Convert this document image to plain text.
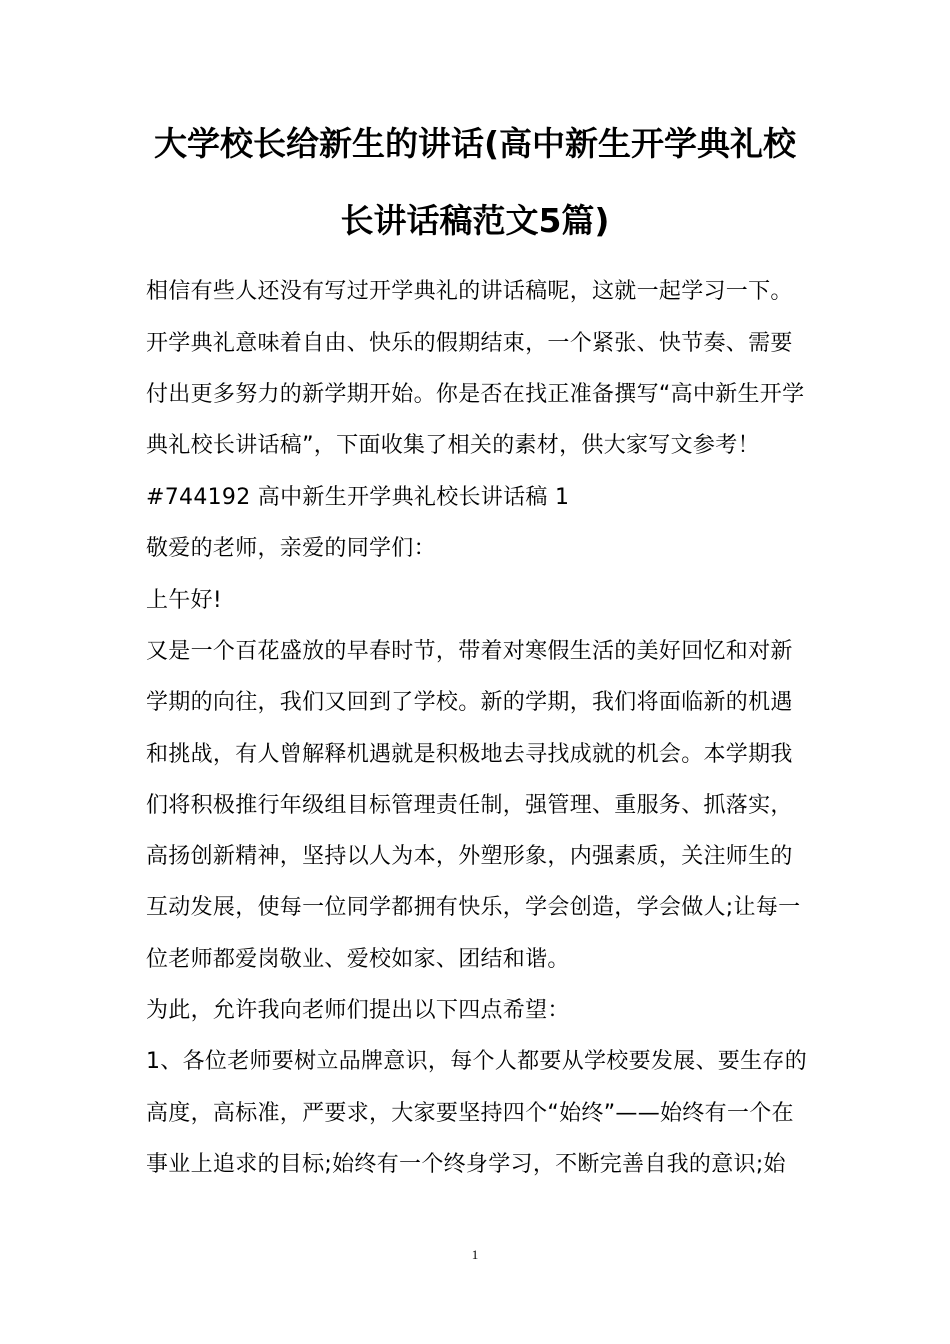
大学校长给新生的讲话(高中新生开学典礼校
长讲话稿范文5篇)
相信有些人还没有写过开学典礼的讲话稿呢，这就一起学习一下。
开学典礼意味着自由、快乐的假期结束，一个紧张、快节奏、需要
付出更多努力的新学期开始。你是否在找正准备撰写“高中新生开学
典礼校长讲话稿”，下面收集了相关的素材，供大家写文参考！
#744192 高中新生开学典礼校长讲话稿 1
敬爱的老师，亲爱的同学们：
上午好!
又是一个百花盛放的早春时节，带着对寒假生活的美好回忆和对新
学期的向往，我们又回到了学校。新的学期，我们将面临新的机遇
和挑战，有人曾解释机遇就是积极地去寻找成就的机会。本学期我
们将积极推行年级组目标管理责任制，强管理、重服务、抓落实，
高扬创新精神，坚持以人为本，外塑形象，内强素质，关注师生的
互动发展，使每一位同学都拥有快乐，学会创造，学会做人;让每一
位老师都爱岗敬业、爱校如家、团结和谐。
为此，允许我向老师们提出以下四点希望：
1、各位老师要树立品牌意识，每个人都要从学校要发展、要生存的
高度，高标准，严要求，大家要坚持四个“始终”——始终有一个在
事业上追求的目标;始终有一个终身学习，不断完善自我的意识;始
1
